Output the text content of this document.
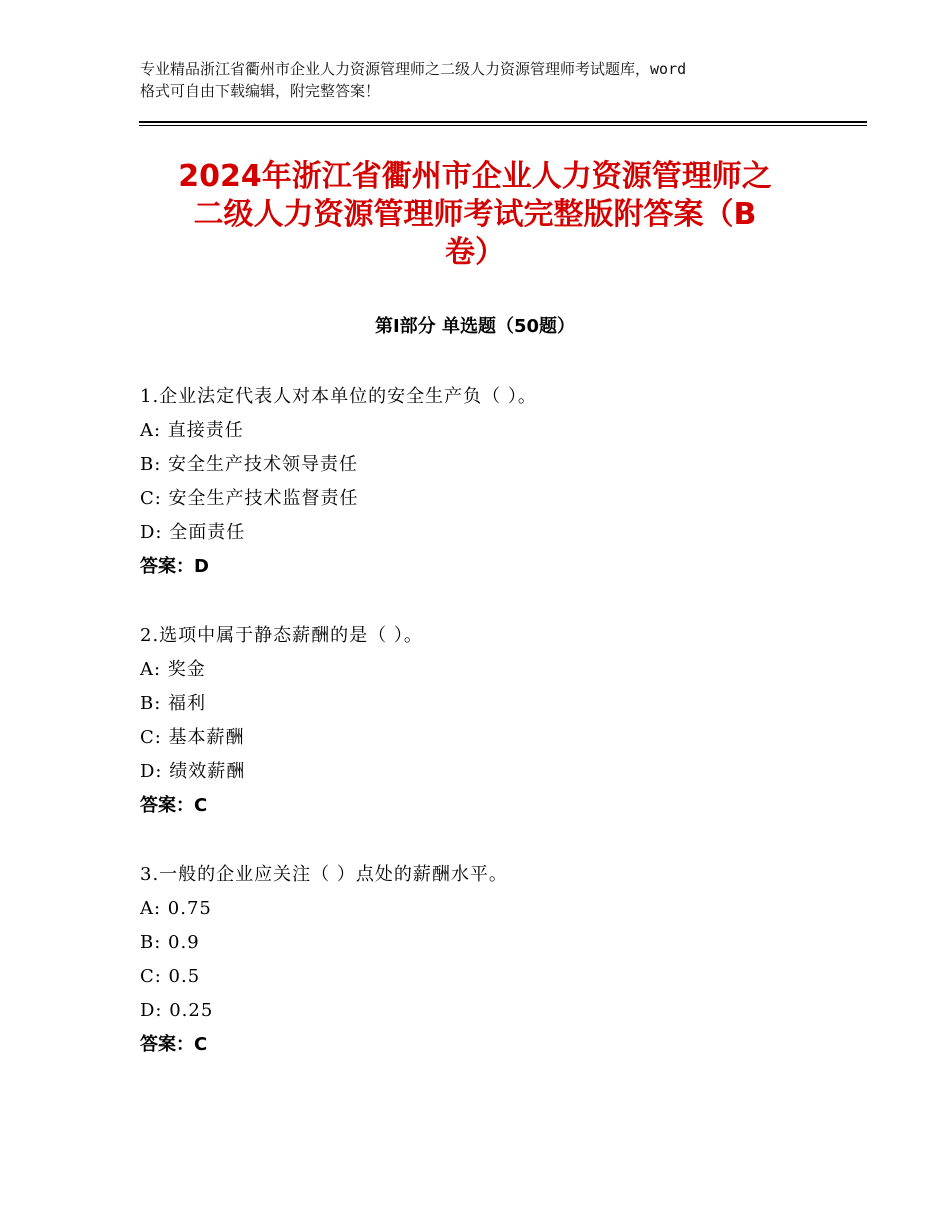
专业精品浙江省衢州市企业人力资源管理师之二级人力资源管理师考试题库，word
格式可自由下载编辑，附完整答案！
2024年浙江省衢州市企业人力资源管理师之
二级人力资源管理师考试完整版附答案（B
卷）
第Ⅰ部分 单选题（50题）
1.企业法定代表人对本单位的安全生产负（ ）。
A: 直接责任
B: 安全生产技术领导责任
C: 安全生产技术监督责任
D: 全面责任
答案：D
2.选项中属于静态薪酬的是（ ）。
A: 奖金
B: 福利
C: 基本薪酬
D: 绩效薪酬
答案：C
3.一般的企业应关注（ ）点处的薪酬水平。
A: 0.75
B: 0.9
C: 0.5
D: 0.25
答案：C
